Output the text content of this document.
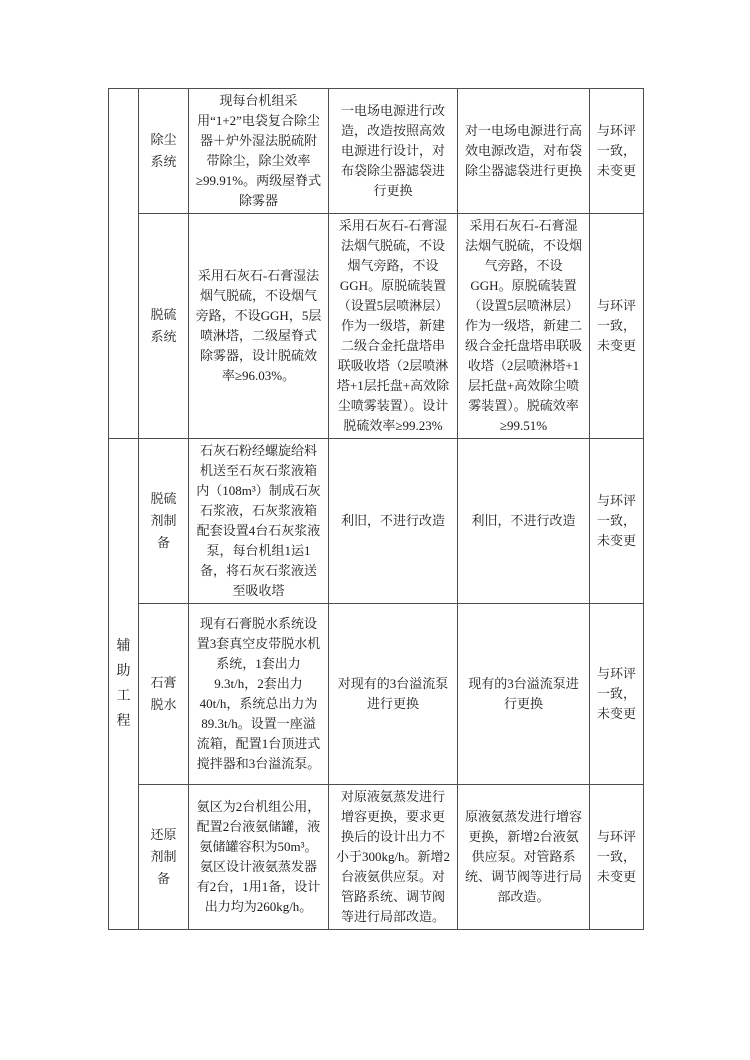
	除尘系统	现每台机组采用“1+2”电袋复合除尘器＋炉外湿法脱硫附带除尘，除尘效率≥99.91%。两级屋脊式除雾器	一电场电源进行改造，改造按照高效电源进行设计，对布袋除尘器滤袋进行更换	对一电场电源进行高效电源改造，对布袋除尘器滤袋进行更换	与环评一致，未变更
	脱硫系统	采用石灰石-石膏湿法烟气脱硫，不设烟气旁路，不设GGH，5层喷淋塔，二级屋脊式除雾器，设计脱硫效率≥96.03%。	采用石灰石-石膏湿法烟气脱硫，不设烟气旁路，不设GGH。原脱硫装置（设置5层喷淋层）作为一级塔，新建二级合金托盘塔串联吸收塔（2层喷淋塔+1层托盘+高效除尘喷雾装置）。设计脱硫效率≥99.23%	采用石灰石-石膏湿法烟气脱硫，不设烟气旁路，不设GGH。原脱硫装置（设置5层喷淋层）作为一级塔，新建二级合金托盘塔串联吸收塔（2层喷淋塔+1层托盘+高效除尘喷雾装置）。脱硫效率≥99.51%	与环评一致，未变更

辅助工程	脱硫剂制备	石灰石粉经螺旋给料机送至石灰石浆液箱内（108m³）制成石灰石浆液，石灰浆液箱配套设置4台石灰浆液泵，每台机组1运1备，将石灰石浆液送至吸收塔	利旧，不进行改造	利旧，不进行改造	与环评一致，未变更
	石膏脱水	现有石膏脱水系统设置3套真空皮带脱水机系统，1套出力9.3t/h，2套出力40t/h，系统总出力为89.3t/h。设置一座溢流箱，配置1台顶进式搅拌器和3台溢流泵。	对现有的3台溢流泵进行更换	现有的3台溢流泵进行更换	与环评一致，未变更
	还原剂制备	氨区为2台机组公用，配置2台液氨储罐，液氨储罐容积为50m³。氨区设计液氨蒸发器有2台，1用1备，设计出力均为260kg/h。	对原液氨蒸发进行增容更换，要求更换后的设计出力不小于300kg/h。新增2台液氨供应泵。对管路系统、调节阀等进行局部改造。	原液氨蒸发进行增容更换，新增2台液氨供应泵。对管路系统、调节阀等进行局部改造。	与环评一致，未变更
